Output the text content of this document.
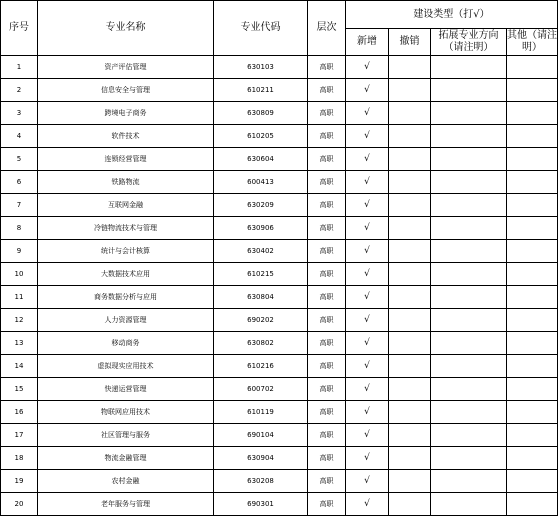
序号	专业名称	专业代码	层次	建设类型（打√）			
				新增	撤销	拓展专业方向（请注明）	其他（请注明）
1	资产评估管理	630103	高职	√			
2	信息安全与管理	610211	高职	√			
3	跨境电子商务	630809	高职	√			
4	软件技术	610205	高职	√			
5	连锁经营管理	630604	高职	√			
6	铁路物流	600413	高职	√			
7	互联网金融	630209	高职	√			
8	冷链物流技术与管理	630906	高职	√			
9	统计与会计核算	630402	高职	√			
10	大数据技术应用	610215	高职	√			
11	商务数据分析与应用	630804	高职	√			
12	人力资源管理	690202	高职	√			
13	移动商务	630802	高职	√			
14	虚拟现实应用技术	610216	高职	√			
15	快递运营管理	600702	高职	√			
16	物联网应用技术	610119	高职	√			
17	社区管理与服务	690104	高职	√			
18	物流金融管理	630904	高职	√			
19	农村金融	630208	高职	√			
20	老年服务与管理	690301	高职	√			
